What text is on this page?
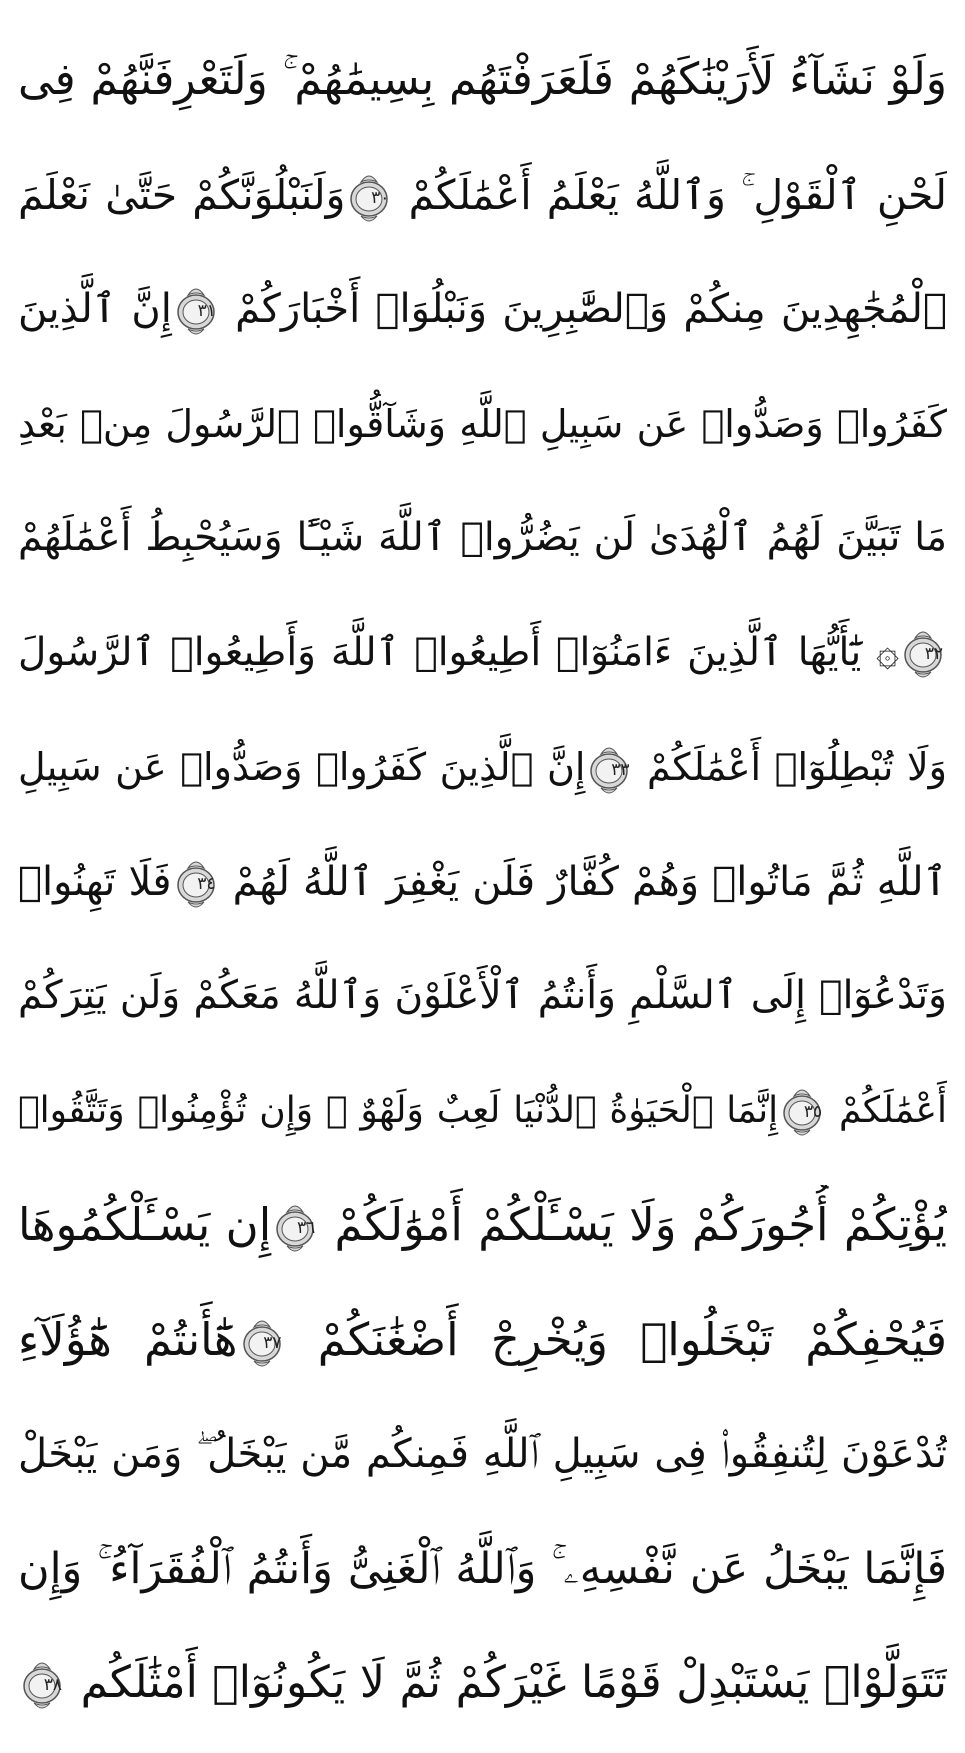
وَلَوْ نَشَآءُ لَأَرَيْنَٰكَهُمْ فَلَعَرَفْتَهُم بِسِيمَٰهُمْ ۚ وَلَتَعْرِفَنَّهُمْ فِى
لَحْنِ ٱلْقَوْلِ ۚ وَٱللَّهُ يَعْلَمُ أَعْمَٰلَكُمْ
٣٠
وَلَنَبْلُوَنَّكُمْ حَتَّىٰ نَعْلَمَ
ٱلْمُجَٰهِدِينَ مِنكُمْ وَٱلصَّٰبِرِينَ وَنَبْلُوَا۟ أَخْبَارَكُمْ
٣١
إِنَّ ٱلَّذِينَ
كَفَرُوا۟ وَصَدُّوا۟ عَن سَبِيلِ ٱللَّهِ وَشَآقُّوا۟ ٱلرَّسُولَ مِنۢ بَعْدِ
مَا تَبَيَّنَ لَهُمُ ٱلْهُدَىٰ لَن يَضُرُّوا۟ ٱللَّهَ شَيْـًٔا وَسَيُحْبِطُ أَعْمَٰلَهُمْ
٣٢
۞ يَٰٓأَيُّهَا ٱلَّذِينَ ءَامَنُوٓا۟ أَطِيعُوا۟ ٱللَّهَ وَأَطِيعُوا۟ ٱلرَّسُولَ
وَلَا تُبْطِلُوٓا۟ أَعْمَٰلَكُمْ
٣٣
إِنَّ ٱلَّذِينَ كَفَرُوا۟ وَصَدُّوا۟ عَن سَبِيلِ
ٱللَّهِ ثُمَّ مَاتُوا۟ وَهُمْ كُفَّارٌ فَلَن يَغْفِرَ ٱللَّهُ لَهُمْ
٣٤
فَلَا تَهِنُوا۟
وَتَدْعُوٓا۟ إِلَى ٱلسَّلْمِ وَأَنتُمُ ٱلْأَعْلَوْنَ وَٱللَّهُ مَعَكُمْ وَلَن يَتِرَكُمْ
أَعْمَٰلَكُمْ
٣٥
إِنَّمَا ٱلْحَيَوٰةُ ٱلدُّنْيَا لَعِبٌ وَلَهْوٌ ۚ وَإِن تُؤْمِنُوا۟ وَتَتَّقُوا۟
يُؤْتِكُمْ أُجُورَكُمْ وَلَا يَسْـَٔلْكُمْ أَمْوَٰلَكُمْ
٣٦
إِن يَسْـَٔلْكُمُوهَا
فَيُحْفِكُمْ تَبْخَلُوا۟ وَيُخْرِجْ أَضْغَٰنَكُمْ
٣٧
هَٰٓأَنتُمْ هَٰٓؤُلَآءِ
تُدْعَوْنَ لِتُنفِقُوا۟ فِى سَبِيلِ ٱللَّهِ فَمِنكُم مَّن يَبْخَلُ ۖ وَمَن يَبْخَلْ
فَإِنَّمَا يَبْخَلُ عَن نَّفْسِهِۦ ۚ وَٱللَّهُ ٱلْغَنِىُّ وَأَنتُمُ ٱلْفُقَرَآءُ ۚ وَإِن
تَتَوَلَّوْا۟ يَسْتَبْدِلْ قَوْمًا غَيْرَكُمْ ثُمَّ لَا يَكُونُوٓا۟ أَمْثَٰلَكُم
٣٨
